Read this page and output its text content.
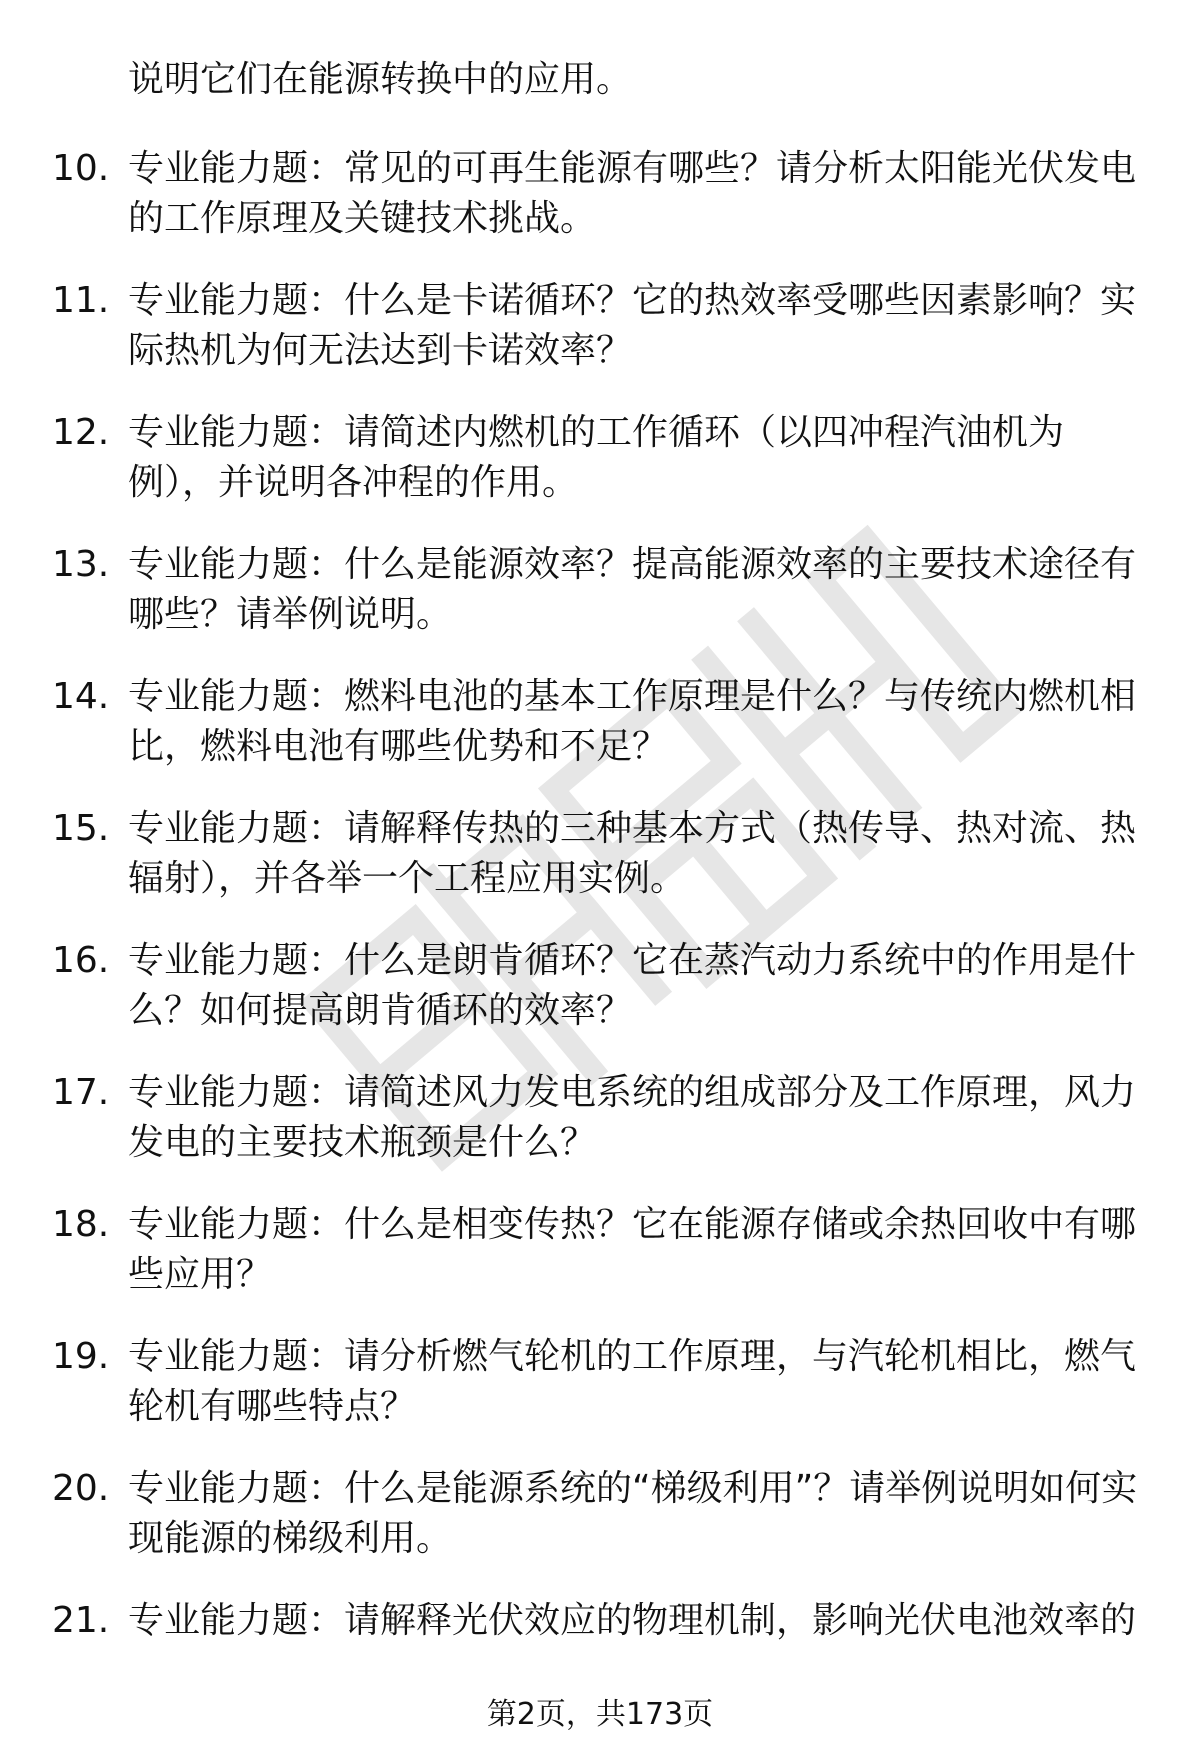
说明它们在能源转换中的应用。
10. 专业能力题：常见的可再生能源有哪些？请分析太阳能光伏发电的工作原理及关键技术挑战。
11. 专业能力题：什么是卡诺循环？它的热效率受哪些因素影响？实际热机为何无法达到卡诺效率？
12. 专业能力题：请简述内燃机的工作循环（以四冲程汽油机为例），并说明各冲程的作用。
13. 专业能力题：什么是能源效率？提高能源效率的主要技术途径有哪些？请举例说明。
14. 专业能力题：燃料电池的基本工作原理是什么？与传统内燃机相比，燃料电池有哪些优势和不足？
15. 专业能力题：请解释传热的三种基本方式（热传导、热对流、热辐射），并各举一个工程应用实例。
16. 专业能力题：什么是朗肯循环？它在蒸汽动力系统中的作用是什么？如何提高朗肯循环的效率？
17. 专业能力题：请简述风力发电系统的组成部分及工作原理，风力发电的主要技术瓶颈是什么？
18. 专业能力题：什么是相变传热？它在能源存储或余热回收中有哪些应用？
19. 专业能力题：请分析燃气轮机的工作原理，与汽轮机相比，燃气轮机有哪些特点？
20. 专业能力题：什么是能源系统的“梯级利用”？请举例说明如何实现能源的梯级利用。
21. 专业能力题：请解释光伏效应的物理机制，影响光伏电池效率的
第2页，共173页
